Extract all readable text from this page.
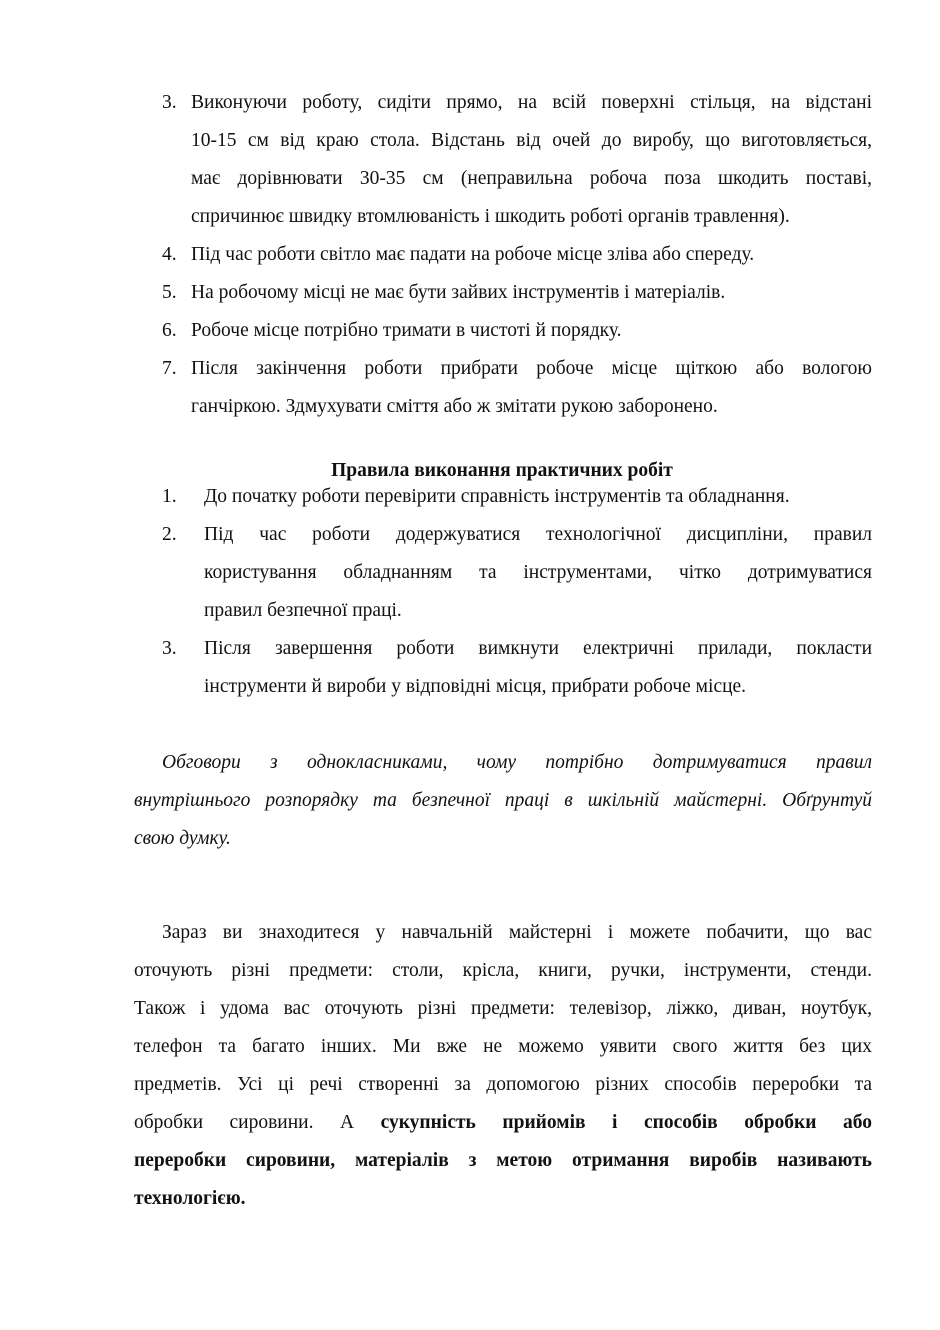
3. Виконуючи роботу, сидіти прямо, на всій поверхні стільця, на відстані
10-15 см від краю стола. Відстань від очей до виробу, що виготовляється,
має дорівнювати 30-35 см (неправильна робоча поза шкодить поставі,
спричинює швидку втомлюваність і шкодить роботі органів травлення).
4. Під час роботи світло має падати на робоче місце зліва або спереду.
5. На робочому місці не має бути зайвих інструментів і матеріалів.
6. Робоче місце потрібно тримати в чистоті й порядку.
7. Після закінчення роботи прибрати робоче місце щіткою або вологою
ганчіркою. Здмухувати сміття або ж змітати рукою заборонено.
Правила виконання практичних робіт
1. До початку роботи перевірити справність інструментів та обладнання.
2. Під час роботи додержуватися технологічної дисципліни, правил
користування обладнанням та інструментами, чітко дотримуватися
правил безпечної праці.
3. Після завершення роботи вимкнути електричні прилади, покласти
інструменти й вироби у відповідні місця, прибрати робоче місце.
Обговори з однокласниками, чому потрібно дотримуватися правил
внутрішнього розпорядку та безпечної праці в шкільній майстерні. Обґрунтуй
свою думку.
Зараз ви знаходитеся у навчальній майстерні і можете побачити, що вас
оточують різні предмети: столи, крісла, книги, ручки, інструменти, стенди.
Також і удома вас оточують різні предмети: телевізор, ліжко, диван, ноутбук,
телефон та багато інших. Ми вже не можемо уявити свого життя без цих
предметів. Усі ці речі створенні за допомогою різних способів переробки та
обробки сировини. А сукупність прийомів і способів обробки або
переробки сировини, матеріалів з метою отримання виробів називають
технологією.
